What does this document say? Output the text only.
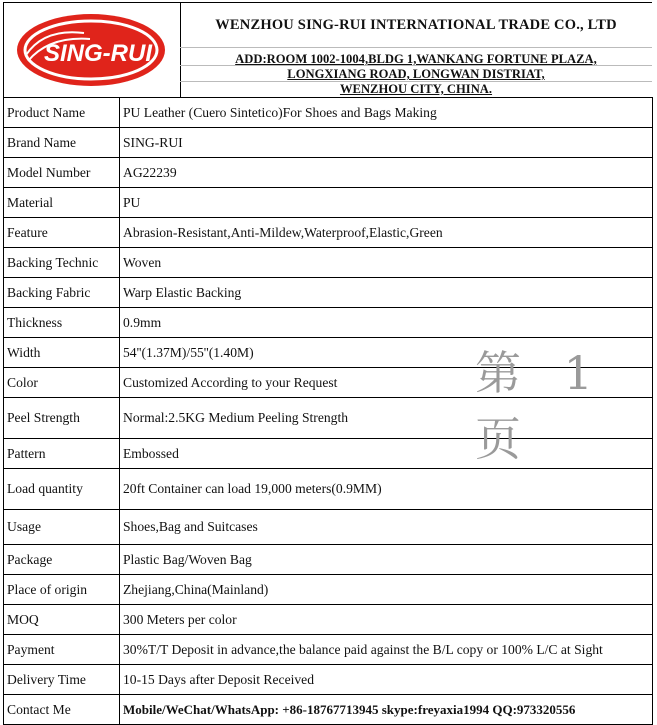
SING-RUI
WENZHOU SING-RUI INTERNATIONAL TRADE CO., LTD
ADD:ROOM 1002-1004,BLDG 1,WANKANG FORTUNE PLAZA,
LONGXIANG ROAD, LONGWAN DISTRIAT,
WENZHOU CITY, CHINA.
Product Name	PU Leather (Cuero Sintetico)For Shoes and Bags Making
Brand Name	SING-RUI
Model Number	AG22239
Material	PU
Feature	Abrasion-Resistant,Anti-Mildew,Waterproof,Elastic,Green
Backing Technic	Woven
Backing Fabric	Warp Elastic Backing
Thickness	0.9mm
Width	54''(1.37M)/55''(1.40M)
Color	Customized According to your Request
Peel Strength	Normal:2.5KG Medium Peeling Strength
Pattern	Embossed
Load quantity	20ft Container can load 19,000 meters(0.9MM)
Usage	Shoes,Bag and Suitcases
Package	Plastic Bag/Woven Bag
Place of origin	Zhejiang,China(Mainland)
MOQ	300 Meters per color
Payment	30%T/T Deposit in advance,the balance paid against the B/L copy or 100% L/C at Sight
Delivery Time	10-15 Days after Deposit Received
Contact Me	Mobile/WeChat/WhatsApp: +86-18767713945 skype:freyaxia1994 QQ:973320556
第 1 页
